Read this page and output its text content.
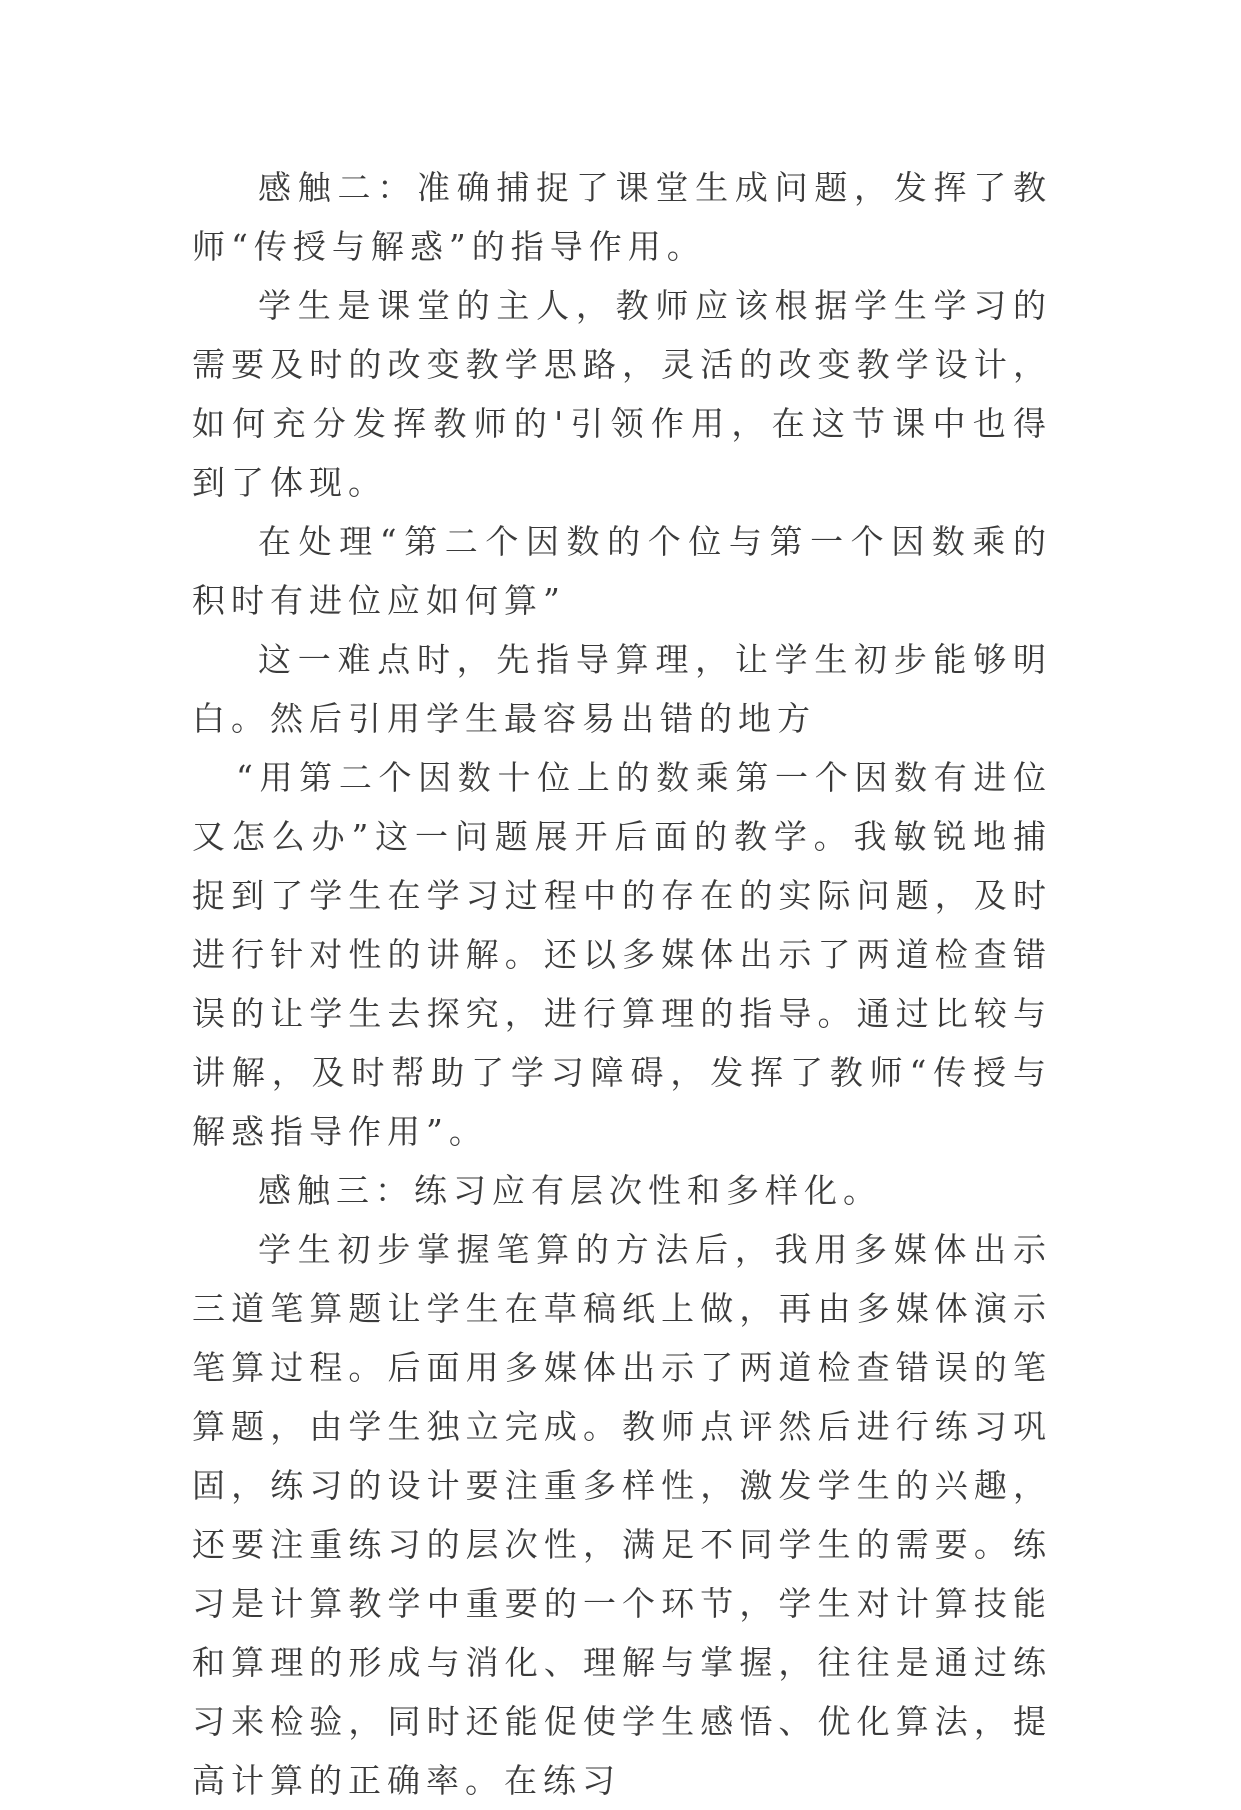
感触二：准确捕捉了课堂生成问题，发挥了教师“传授与解惑”的指导作用。

学生是课堂的主人，教师应该根据学生学习的需要及时的改变教学思路，灵活的改变教学设计，如何充分发挥教师的'引领作用，在这节课中也得到了体现。

在处理“第二个因数的个位与第一个因数乘的积时有进位应如何算”

这一难点时，先指导算理，让学生初步能够明白。然后引用学生最容易出错的地方

“用第二个因数十位上的数乘第一个因数有进位又怎么办”这一问题展开后面的教学。我敏锐地捕捉到了学生在学习过程中的存在的实际问题，及时进行针对性的讲解。还以多媒体出示了两道检查错误的让学生去探究，进行算理的指导。通过比较与讲解，及时帮助了学习障碍，发挥了教师“传授与解惑指导作用”。

感触三：练习应有层次性和多样化。

学生初步掌握笔算的方法后，我用多媒体出示三道笔算题让学生在草稿纸上做，再由多媒体演示笔算过程。后面用多媒体出示了两道检查错误的笔算题，由学生独立完成。教师点评然后进行练习巩固，练习的设计要注重多样性，激发学生的兴趣，还要注重练习的层次性，满足不同学生的需要。练习是计算教学中重要的一个环节，学生对计算技能和算理的形成与消化、理解与掌握，往往是通过练习来检验，同时还能促使学生感悟、优化算法，提高计算的正确率。在练习
